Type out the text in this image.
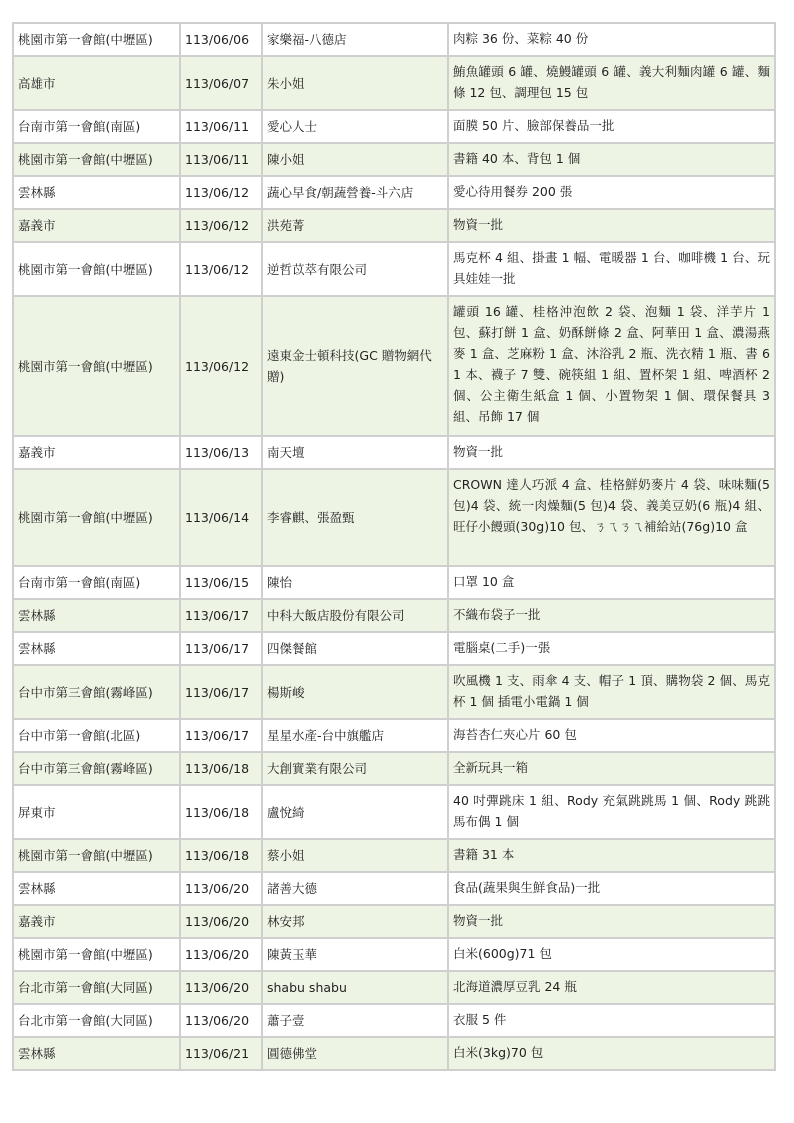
桃園市第一會館(中壢區)	113/06/06	家樂福-八德店	肉粽 36 份、菜粽 40 份
高雄市	113/06/07	朱小姐	鮪魚罐頭 6 罐、燒鰻罐頭 6 罐、義大利麵肉罐 6 罐、麵條 12 包、調理包 15 包
台南市第一會館(南區)	113/06/11	愛心人士	面膜 50 片、臉部保養品一批
桃園市第一會館(中壢區)	113/06/11	陳小姐	書籍 40 本、背包 1 個
雲林縣	113/06/12	蔬心早食/朝蔬營養-斗六店	愛心待用餐券 200 張
嘉義市	113/06/12	洪苑菁	物資一批
桃園市第一會館(中壢區)	113/06/12	逆哲苡萃有限公司	馬克杯 4 組、掛畫 1 幅、電暖器 1 台、咖啡機 1 台、玩具娃娃一批
桃園市第一會館(中壢區)	113/06/12	遠東金士頓科技(GC 贈物網代贈)	罐頭 16 罐、桂格沖泡飲 2 袋、泡麵 1 袋、洋芋片 1 包、蘇打餅 1 盒、奶酥餅條 2 盒、阿華田 1 盒、濃湯燕麥 1 盒、芝麻粉 1 盒、沐浴乳 2 瓶、洗衣精 1 瓶、書 61 本、襪子 7 雙、碗筷組 1 組、置杯架 1 組、啤酒杯 2 個、公主衛生紙盒 1 個、小置物架 1 個、環保餐具 3 組、吊飾 17 個
嘉義市	113/06/13	南天壇	物資一批
桃園市第一會館(中壢區)	113/06/14	李睿麒、張盈甄	CROWN 達人巧派 4 盒、桂格鮮奶麥片 4 袋、味味麵(5 包)4 袋、統一肉燥麵(5 包)4 袋、義美豆奶(6 瓶)4 組、旺仔小饅頭(30g)10 包、ㄋㄟㄋㄟ補給站(76g)10 盒
台南市第一會館(南區)	113/06/15	陳怡	口罩 10 盒
雲林縣	113/06/17	中科大飯店股份有限公司	不織布袋子一批
雲林縣	113/06/17	四傑餐館	電腦桌(二手)一張
台中市第三會館(霧峰區)	113/06/17	楊斯峻	吹風機 1 支、雨傘 4 支、帽子 1 頂、購物袋 2 個、馬克杯 1 個 插電小電鍋 1 個
台中市第一會館(北區)	113/06/17	星星水產-台中旗艦店	海苔杏仁夾心片 60 包
台中市第三會館(霧峰區)	113/06/18	大創實業有限公司	全新玩具一箱
屏東市	113/06/18	盧悅綺	40 吋彈跳床 1 組、Rody 充氣跳跳馬 1 個、Rody 跳跳馬布偶 1 個
桃園市第一會館(中壢區)	113/06/18	蔡小姐	書籍 31 本
雲林縣	113/06/20	諸善大德	食品(蔬果與生鮮食品)一批
嘉義市	113/06/20	林安邦	物資一批
桃園市第一會館(中壢區)	113/06/20	陳黃玉華	白米(600g)71 包
台北市第一會館(大同區)	113/06/20	shabu shabu	北海道濃厚豆乳 24 瓶
台北市第一會館(大同區)	113/06/20	蕭子壹	衣服 5 件
雲林縣	113/06/21	圓德佛堂	白米(3kg)70 包
